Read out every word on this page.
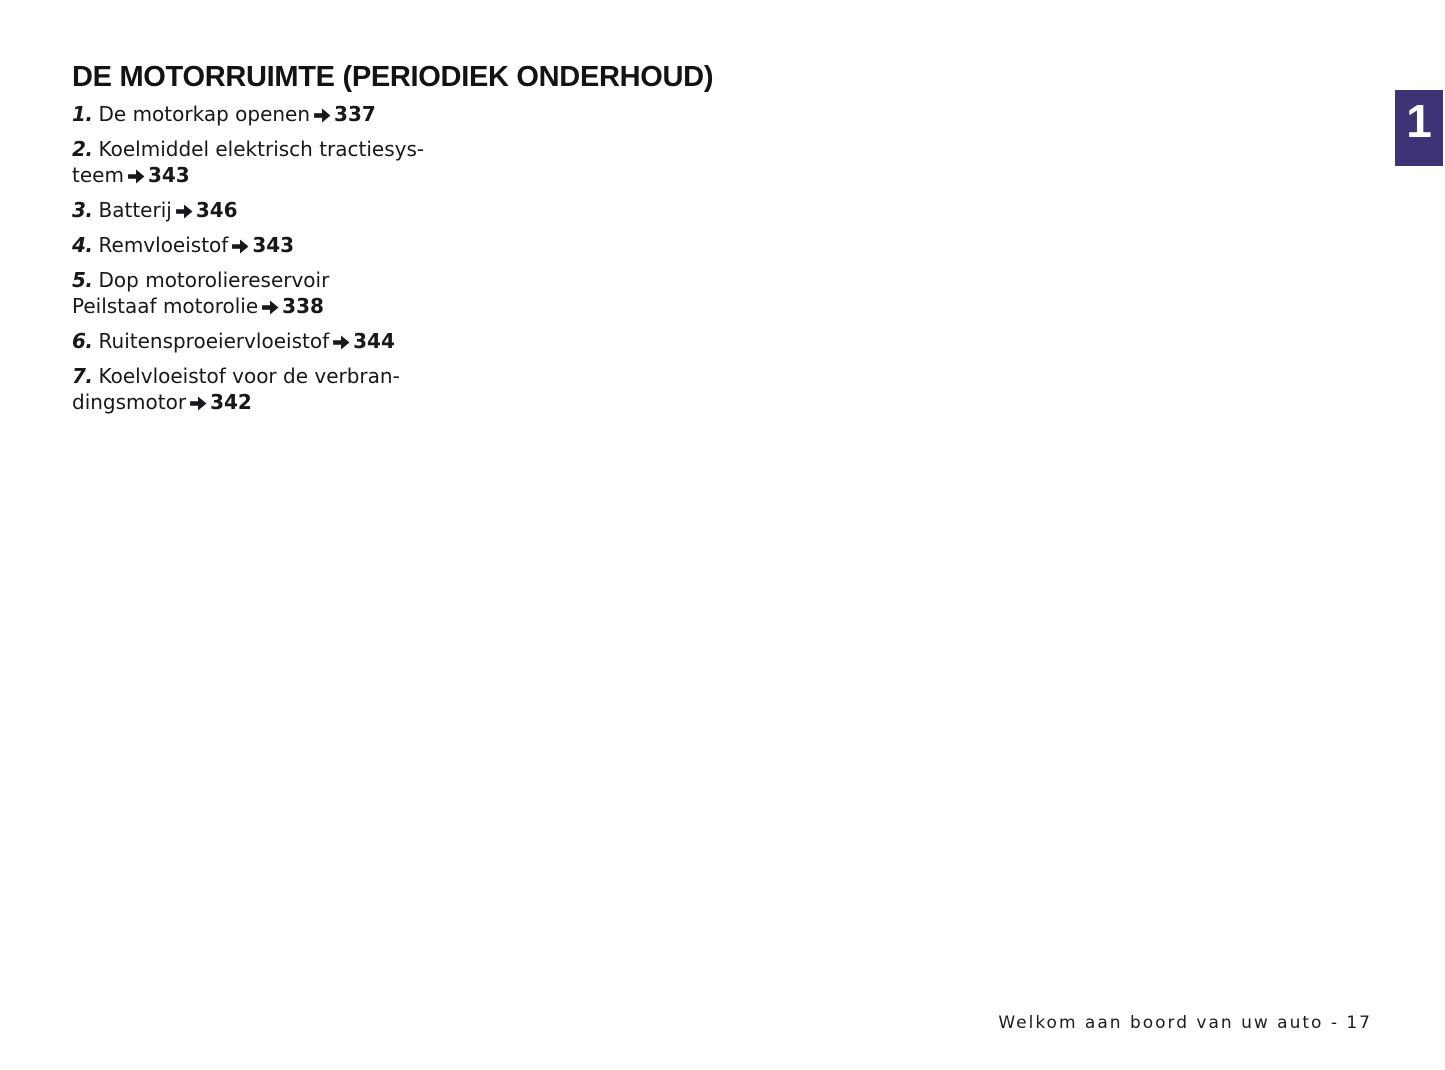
DE MOTORRUIMTE (PERIODIEK ONDERHOUD)
1. De motorkap openen 337
2. Koelmiddel elektrisch tractiesys-
teem 343
3. Batterij 346
4. Remvloeistof 343
5. Dop motoroliereservoir
Peilstaaf motorolie 338
6. Ruitensproeiervloeistof 344
7. Koelvloeistof voor de verbran-
dingsmotor 342
1
Welkom aan boord van uw auto - 17
